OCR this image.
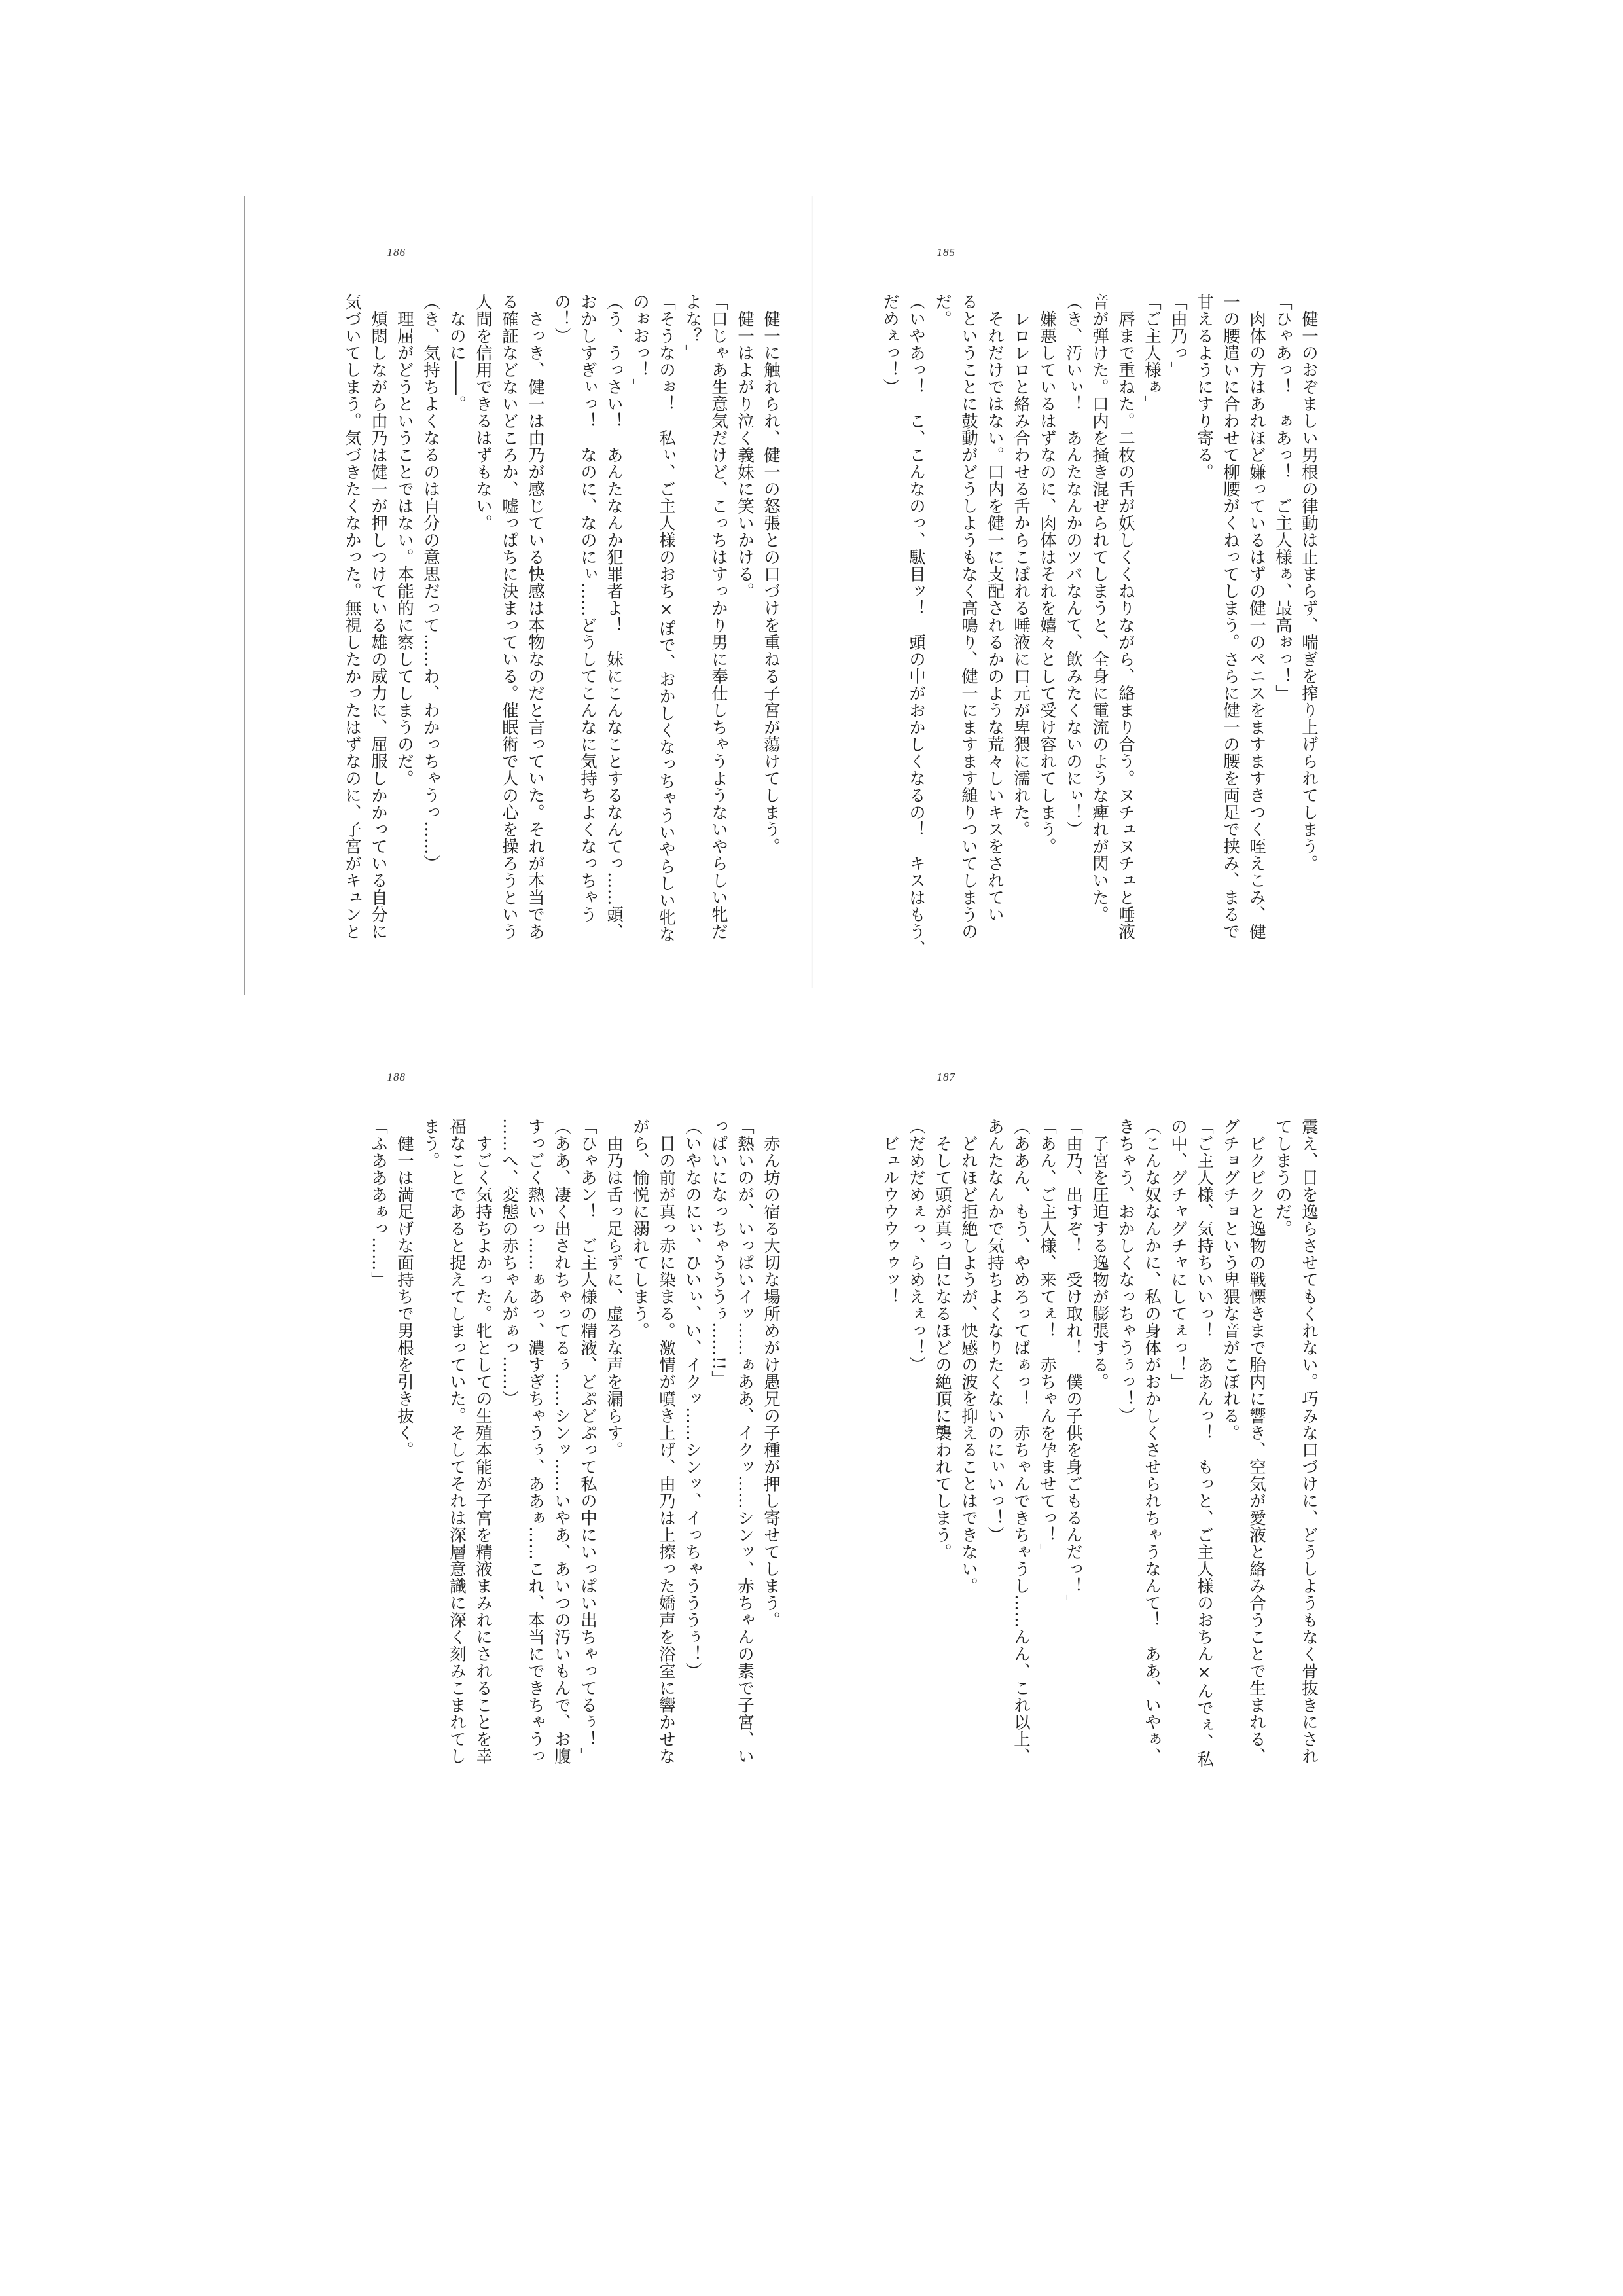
185
　健一のおぞましい男根の律動は止まらず、喘ぎを搾り上げられてしまう。
「ひゃあっ！　ぁあっ！　ご主人様ぁ、最高ぉっ！」
　肉体の方はあれほど嫌っているはずの健一のペニスをますますきつく咥えこみ、健
一の腰遣いに合わせて柳腰がくねってしまう。さらに健一の腰を両足で挟み、まるで
甘えるようにすり寄る。
「由乃っ」
「ご主人様ぁ」
　唇まで重ねた。二枚の舌が妖しくくねりながら、絡まり合う。ヌチュヌチュと唾液
音が弾けた。口内を掻き混ぜられてしまうと、全身に電流のような痺れが閃いた。
（き、汚いぃ！　あんたなんかのツバなんて、飲みたくないのにぃ！）
　嫌悪しているはずなのに、肉体はそれを嬉々として受け容れてしまう。
　レロレロと絡み合わせる舌からこぼれる唾液に口元が卑猥に濡れた。
　それだけではない。口内を健一に支配されるかのような荒々しいキスをされてい
るということに鼓動がどうしようもなく高鳴り、健一にますます縋りついてしまうの
だ。
（いやあっ！　こ、こんなのっ、駄目ッ！　頭の中がおかしくなるの！　キスはもう、
だめぇっ！）
186
　健一に触れられ、健一の怒張との口づけを重ねる子宮が蕩けてしまう。
　健一はよがり泣く義妹に笑いかける。
「口じゃあ生意気だけど、こっちはすっかり男に奉仕しちゃうようないやらしい牝だ
よな？」
「そうなのぉ！　私ぃ、ご主人様のおち×ぽで、おかしくなっちゃういやらしい牝な
のぉおっ！」
（う、うっさい！　あんたなんか犯罪者よ！　妹にこんなことするなんてっ……頭、
おかしすぎぃっ！　なのに、なのにぃ……どうしてこんなに気持ちよくなっちゃう
の！）
　さっき、健一は由乃が感じている快感は本物なのだと言っていた。それが本当であ
る確証などないどころか、嘘っぱちに決まっている。催眠術で人の心を操ろうという
人間を信用できるはずもない。
　なのに――。
（き、気持ちよくなるのは自分の意思だって……わ、わかっちゃうっ……）
　理屈がどうということではない。本能的に察してしまうのだ。
　煩悶しながら由乃は健一が押しつけている雄の威力に、屈服しかかっている自分に
気づいてしまう。気づきたくなかった。無視したかったはずなのに、子宮がキュンと
187
震え、目を逸らさせてもくれない。巧みな口づけに、どうしようもなく骨抜きにされ
てしまうのだ。
　ビクビクと逸物の戦慄きまで胎内に響き、空気が愛液と絡み合うことで生まれる、
グチョグチョという卑猥な音がこぼれる。
「ご主人様、気持ちいいっ！　ああんっ！　もっと、ご主人様のおちん×んでぇ、私
の中、グチャグチャにしてぇっ！」
（こんな奴なんかに、私の身体がおかしくさせられちゃうなんて！　ああ、いやぁ、
きちゃう、おかしくなっちゃうぅっ！）
　子宮を圧迫する逸物が膨張する。
「由乃、出すぞ！　受け取れ！　僕の子供を身ごもるんだっ！」
「あん、ご主人様、来てぇ！　赤ちゃんを孕ませてっ！」
（ああん、もう、やめろってばぁっ！　赤ちゃんできちゃうし……んん、これ以上、
あんたなんかで気持ちよくなりたくないのにぃいっ！）
　どれほど拒絶しようが、快感の波を抑えることはできない。
　そして頭が真っ白になるほどの絶頂に襲われてしまう。
（だめだめぇっ、らめえぇっ！）
　ビュルウウウゥゥッ！
188
　赤ん坊の宿る大切な場所めがけ愚兄の子種が押し寄せてしまう。
「熱いのが、いっぱいイッ……ぁああ、イクッ……シンッ、赤ちゃんの素で子宮、い
っぱいになっちゃうううぅ……!!」
（いやなのにぃ、ひいぃ、い、イクッ……シンッ、イっちゃうううぅ！）
　目の前が真っ赤に染まる。激情が噴き上げ、由乃は上擦った嬌声を浴室に響かせな
がら、愉悦に溺れてしまう。
　由乃は舌っ足らずに、虚ろな声を漏らす。
「ひゃあン！　ご主人様の精液、どぷどぷって私の中にいっぱい出ちゃってるぅ！」
（ああ、凄く出されちゃってるぅ……シンッ……いやあ、あいつの汚いもんで、お腹
すっごく熱いっ……ぁあっ、濃すぎちゃうぅ、ああぁ……これ、本当にできちゃうっ
……へ、変態の赤ちゃんがぁっ……）
　すごく気持ちよかった。牝としての生殖本能が子宮を精液まみれにされることを幸
福なことであると捉えてしまっていた。そしてそれは深層意識に深く刻みこまれてし
まう。
　健一は満足げな面持ちで男根を引き抜く。
「ふあああぁっ……」
